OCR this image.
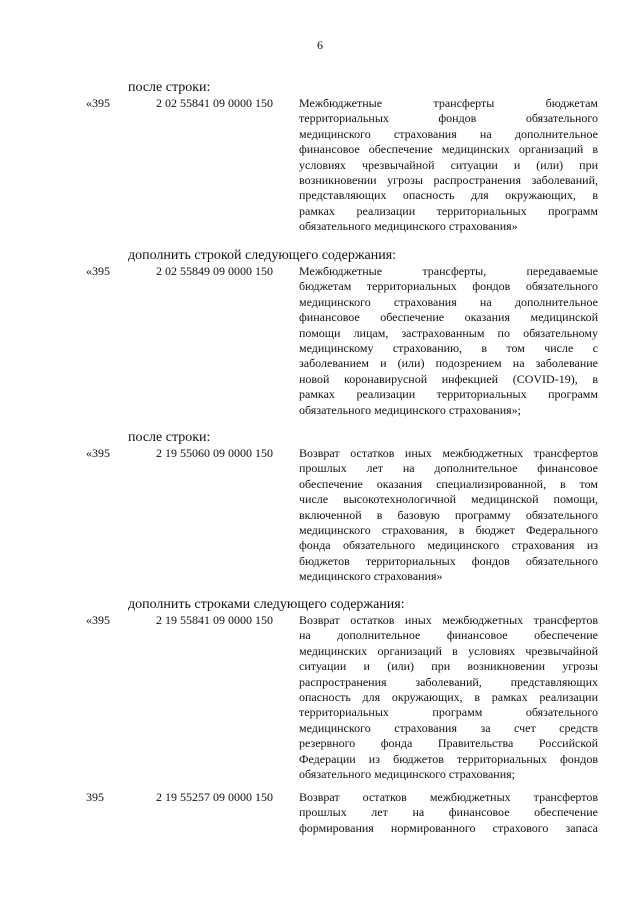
6
после строки:
«395	2 02 55841 09 0000 150 Межбюджетные трансферты бюджетам
территориальных фондов обязательного
медицинского страхования на дополнительное
финансовое обеспечение медицинских организаций в
условиях чрезвычайной ситуации и (или) при
возникновении угрозы распространения заболеваний,
представляющих опасность для окружающих, в
рамках реализации территориальных программ
обязательного медицинского страхования»
дополнить строкой следующего содержания:
«395	2 02 55849 09 0000 150 Межбюджетные трансферты, передаваемые
бюджетам территориальных фондов обязательного
медицинского страхования на дополнительное
финансовое обеспечение оказания медицинской
помощи лицам, застрахованным по обязательному
медицинскому страхованию, в том числе с
заболеванием и (или) подозрением на заболевание
новой коронавирусной инфекцией (COVID-19), в
рамках реализации территориальных программ
обязательного медицинского страхования»;
после строки:
«395	2 19 55060 09 0000 150 Возврат остатков иных межбюджетных трансфертов
прошлых лет на дополнительное финансовое
обеспечение оказания специализированной, в том
числе высокотехнологичной медицинской помощи,
включенной в базовую программу обязательного
медицинского страхования, в бюджет Федерального
фонда обязательного медицинского страхования из
бюджетов территориальных фондов обязательного
медицинского страхования»
дополнить строками следующего содержания:
«395	2 19 55841 09 0000 150 Возврат остатков иных межбюджетных трансфертов
на дополнительное финансовое обеспечение
медицинских организаций в условиях чрезвычайной
ситуации и (или) при возникновении угрозы
распространения заболеваний, представляющих
опасность для окружающих, в рамках реализации
территориальных программ обязательного
медицинского страхования за счет средств
резервного фонда Правительства Российской
Федерации из бюджетов территориальных фондов
обязательного медицинского страхования;
395	2 19 55257 09 0000 150 Возврат остатков межбюджетных трансфертов
прошлых лет на финансовое обеспечение
формирования нормированного страхового запаса
